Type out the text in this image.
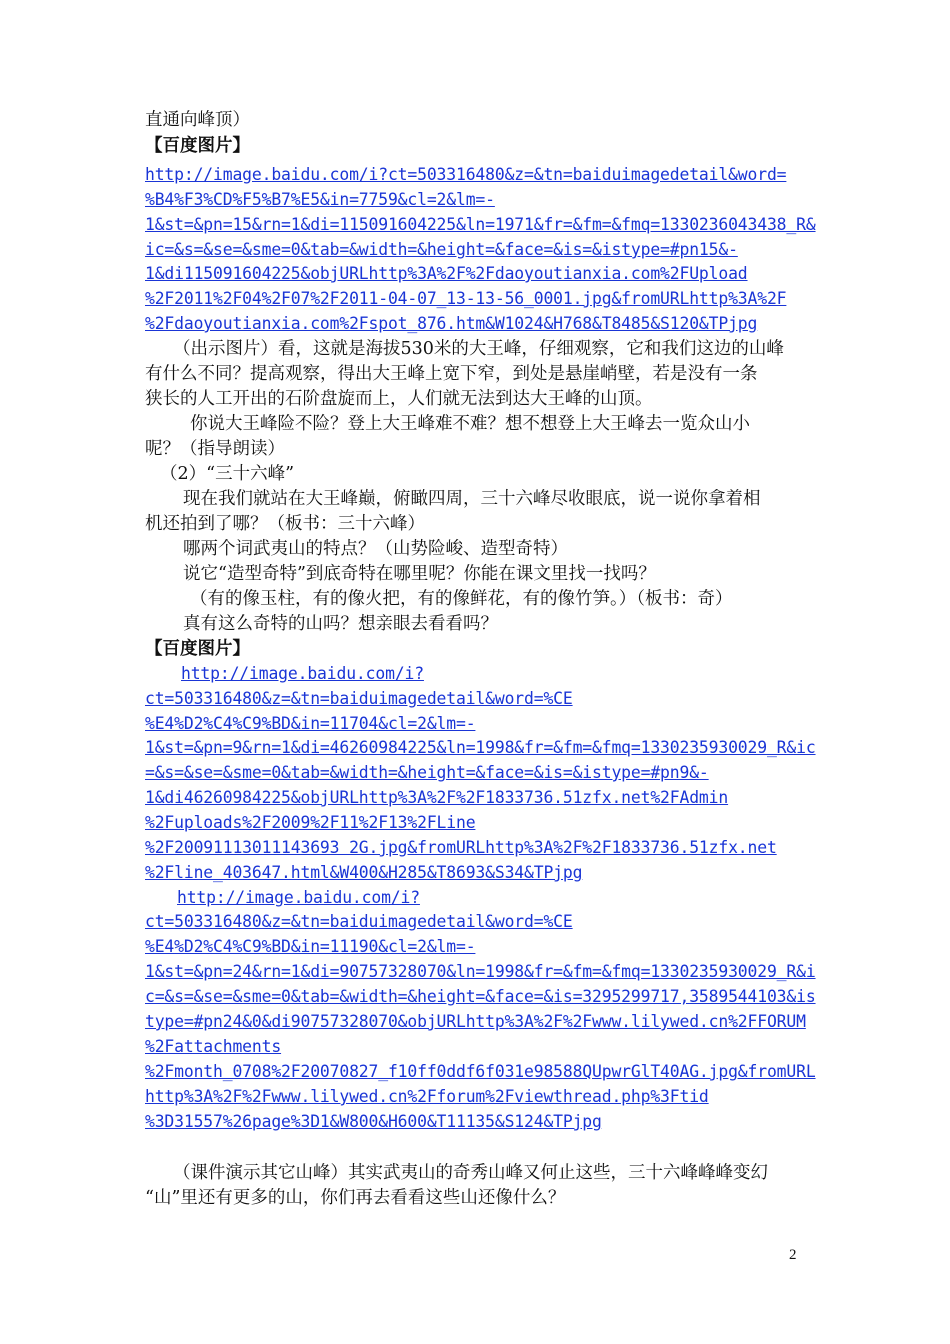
直通向峰顶）
【百度图片】
http://image.baidu.com/i?ct=503316480&z=&tn=baiduimagedetail&word=
%B4%F3%CD%F5%B7%E5&in=7759&cl=2&lm=-
1&st=&pn=15&rn=1&di=115091604225&ln=1971&fr=&fm=&fmq=1330236043438_R&
ic=&s=&se=&sme=0&tab=&width=&height=&face=&is=&istype=#pn15&-
1&di115091604225&objURLhttp%3A%2F%2Fdaoyoutianxia.com%2FUpload
%2F2011%2F04%2F07%2F2011-04-07_13-13-56_0001.jpg&fromURLhttp%3A%2F
%2Fdaoyoutianxia.com%2Fspot_876.htm&W1024&H768&T8485&S120&TPjpg
（出示图片）看，这就是海拔530米的大王峰，仔细观察，它和我们这边的山峰
有什么不同？提高观察，得出大王峰上宽下窄，到处是悬崖峭壁，若是没有一条
狭长的人工开出的石阶盘旋而上，人们就无法到达大王峰的山顶。
你说大王峰险不险？登上大王峰难不难？想不想登上大王峰去一览众山小
呢？（指导朗读）
（2）“三十六峰”
现在我们就站在大王峰巅，俯瞰四周，三十六峰尽收眼底，说一说你拿着相
机还拍到了哪？（板书：三十六峰）
哪两个词武夷山的特点？（山势险峻、造型奇特）
说它“造型奇特”到底奇特在哪里呢？你能在课文里找一找吗？
（有的像玉柱，有的像火把，有的像鲜花，有的像竹笋。）（板书：奇）
真有这么奇特的山吗？想亲眼去看看吗？
【百度图片】
http://image.baidu.com/i?
ct=503316480&z=&tn=baiduimagedetail&word=%CE
%E4%D2%C4%C9%BD&in=11704&cl=2&lm=-
1&st=&pn=9&rn=1&di=46260984225&ln=1998&fr=&fm=&fmq=1330235930029_R&ic
=&s=&se=&sme=0&tab=&width=&height=&face=&is=&istype=#pn9&-
1&di46260984225&objURLhttp%3A%2F%2F1833736.51zfx.net%2FAdmin
%2Fuploads%2F2009%2F11%2F13%2FLine
%2F20091113011143693 2G.jpg&fromURLhttp%3A%2F%2F1833736.51zfx.net
%2Fline_403647.html&W400&H285&T8693&S34&TPjpg
http://image.baidu.com/i?
ct=503316480&z=&tn=baiduimagedetail&word=%CE
%E4%D2%C4%C9%BD&in=11190&cl=2&lm=-
1&st=&pn=24&rn=1&di=90757328070&ln=1998&fr=&fm=&fmq=1330235930029_R&i
c=&s=&se=&sme=0&tab=&width=&height=&face=&is=3295299717,3589544103&is
type=#pn24&0&di90757328070&objURLhttp%3A%2F%2Fwww.lilywed.cn%2FFORUM
%2Fattachments
%2Fmonth_0708%2F20070827_f10ff0ddf6f031e98588QUpwrGlT40AG.jpg&fromURL
http%3A%2F%2Fwww.lilywed.cn%2Fforum%2Fviewthread.php%3Ftid
%3D31557%26page%3D1&W800&H600&T11135&S124&TPjpg
（课件演示其它山峰）其实武夷山的奇秀山峰又何止这些，三十六峰峰峰变幻
“山”里还有更多的山，你们再去看看这些山还像什么？
2
